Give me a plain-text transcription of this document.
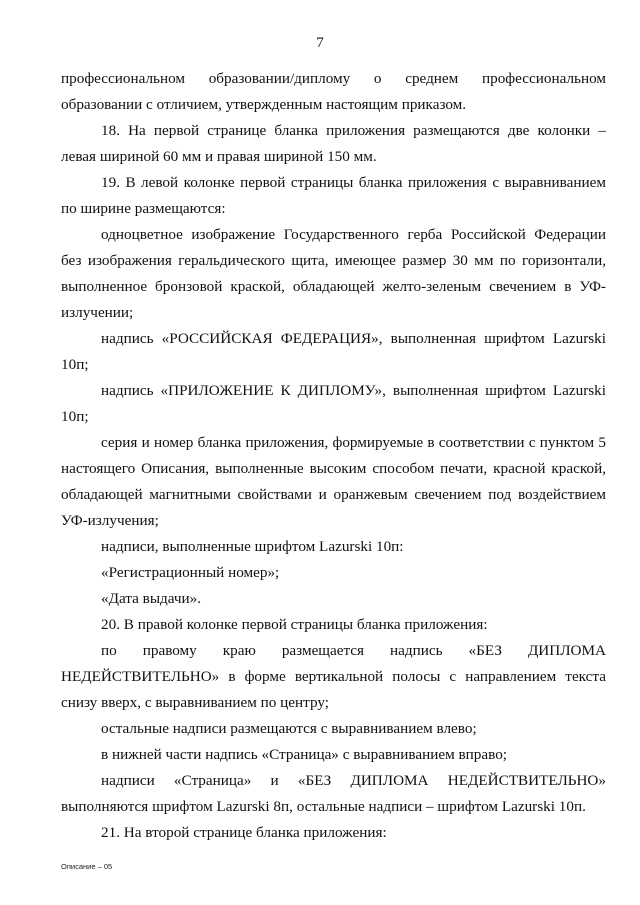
7

профессиональном образовании/диплому о среднем профессиональном образовании с отличием, утвержденным настоящим приказом.

18. На первой странице бланка приложения размещаются две колонки – левая шириной 60 мм и правая шириной 150 мм.

19. В левой колонке первой страницы бланка приложения с выравниванием по ширине размещаются:

одноцветное изображение Государственного герба Российской Федерации без изображения геральдического щита, имеющее размер 30 мм по горизонтали, выполненное бронзовой краской, обладающей желто-зеленым свечением в УФ-излучении;

надпись «РОССИЙСКАЯ ФЕДЕРАЦИЯ», выполненная шрифтом Lazurski 10п;

надпись «ПРИЛОЖЕНИЕ К ДИПЛОМУ», выполненная шрифтом Lazurski 10п;

серия и номер бланка приложения, формируемые в соответствии с пунктом 5 настоящего Описания, выполненные высоким способом печати, красной краской, обладающей магнитными свойствами и оранжевым свечением под воздействием УФ-излучения;

надписи, выполненные шрифтом Lazurski 10п:

«Регистрационный номер»;

«Дата выдачи».

20. В правой колонке первой страницы бланка приложения:

по правому краю размещается надпись «БЕЗ ДИПЛОМА НЕДЕЙСТВИТЕЛЬНО» в форме вертикальной полосы с направлением текста снизу вверх, с выравниванием по центру;

остальные надписи размещаются с выравниванием влево;

в нижней части надпись «Страница» с выравниванием вправо;

надписи «Страница» и «БЕЗ ДИПЛОМА НЕДЕЙСТВИТЕЛЬНО» выполняются шрифтом Lazurski 8п, остальные надписи – шрифтом Lazurski 10п.

21. На второй странице бланка приложения:

Описание – 05
